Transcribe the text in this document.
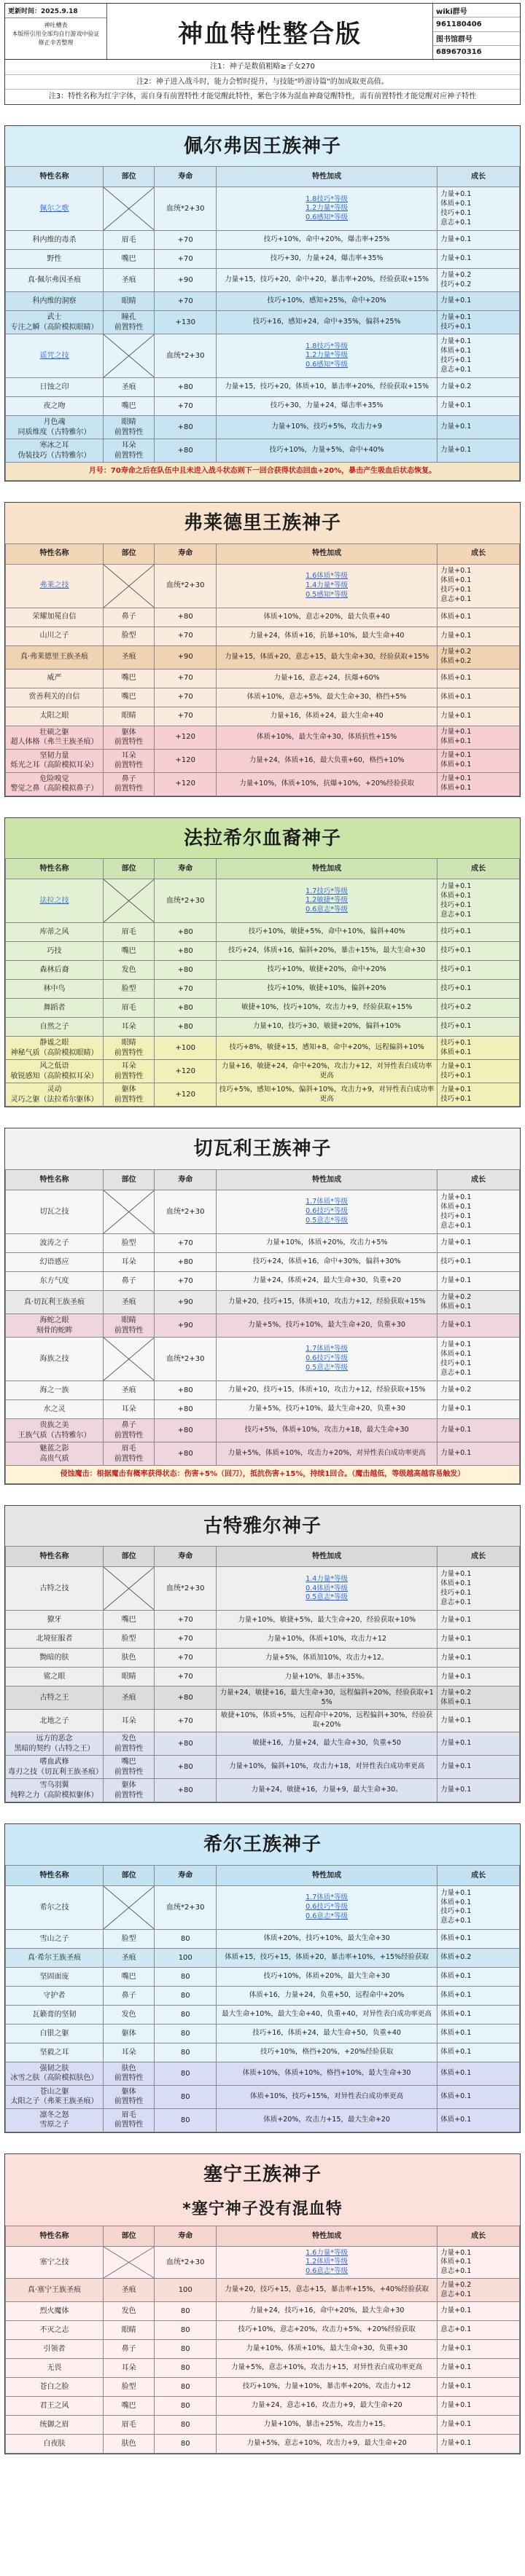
更新时间：2025.9.18
神吐槽表
本版所引用全部均自行游戏中验证
修正辛苦整理	神血特性整合版
wiki群号
961180406
图书馆群号
689670316
注1：神子是数值粗略≥子女270
注2：神子进入战斗时，能力会暂时提升，与技能"吟游诗篇"的加成取更高值。
注3：特性名称为红字字体，需自身有前置特性才能觉醒此特性，紫色字体为混血神裔觉醒特性，需有前置特性才能觉醒对应神子特性
佩尔弗因王族神子
特性名称	部位	寿命	特性加成	成长
佩尔之歌		血统*2+30	1.8技巧*等级
1.2力量*等级
0.6感知*等级	力量+0.1
体质+0.1
技巧+0.1
意志+0.1
科内维的毒杀	眉毛	+70	技巧+10%，命中+20%，爆击率+25%	力量+0.1
野性	嘴巴	+70	技巧+30，力量+24，爆击率+35%	力量+0.1
真·佩尔弗因圣痕	圣痕	+90	力量+15，技巧+20，命中+20，暴击率+20%，经验获取+15%	力量+0.2
技巧+0.2
科内维的洞察	眼睛	+70	技巧+10%，感知+25%，命中+20%	力量+0.1
武士
专注之瞬（高阶模拟眼睛）	瞳孔
前置特性	+130	技巧+16，感知+24，命中+35%，偏斜+25%	力量+0.1
技巧+0.1
谣咒之技		血统*2+30	1.8技巧*等级
1.2力量*等级
0.6感知*等级	力量+0.1
体质+0.1
技巧+0.1
意志+0.1
日蚀之印	圣痕	+80	力量+15，技巧+20，体质+10，暴击率+20%，经验获取+15%	力量+0.2
夜之吻	嘴巴	+70	技巧+30，力量+24，爆击率+35%	力量+0.1
月色魂
同质维度（古特雅尔）	眼睛
前置特性	+80	力量+10%，技巧+5%，攻击力+9	力量+0.1
寒冰之耳
伪装技巧（古特雅尔）	耳朵
前置特性	+80	技巧+10%，力量+5%，命中+40%	力量+0.1
月号：70寿命之后在队伍中且未进入战斗状态则下一回合获得状态回血+20%，暴击产生吸血后状态恢复。				
弗莱德里王族神子
特性名称	部位	寿命	特性加成	成长
弗莱之技		血统*2+30	1.6体质*等级
1.4力量*等级
0.5感知*等级	力量+0.1
体质+0.1
技巧+0.1
意志+0.1
荣耀加冕自信	鼻子	+80	体质+10%，意志+20%，最大负重+40	体质+0.1
山川之子	脸型	+70	力量+24，体质+16，抗暴+10%，最大生命+40	力量+0.1
真·弗莱德里王族圣痕	圣痕	+90	力量+15，体质+20，意志+15，最大生命+30，经验获取+15%	力量+0.2
体质+0.2
威严	嘴巴	+70	力量+16，意志+24，抗爆+60%	体质+0.1
赏善利关的自信	嘴巴	+70	体质+10%，意志+5%，最大生命+30，格挡+5%	体质+0.1
太阳之眼	眼睛	+70	力量+16，体质+24，最大生命+40	力量+0.1
壮硕之躯
超人体格（弗兰王族圣痕）	躯体
前置特性	+120	体质+10%，最大生命+30，体质抗性+15%	力量+0.1
体质+0.1
坚韧力量
烁光之耳（高阶模拟耳朵）	耳朵
前置特性	+120	力量+24，体质+16，最大负重+60，格挡+10%	力量+0.1
体质+0.1
危险嗅觉
警觉之鼻（高阶模拟鼻子）	鼻子
前置特性	+120	力量+10%，体质+10%，抗爆+10%，+20%经验获取	力量+0.1
体质+0.1
法拉希尔血裔神子
特性名称	部位	寿命	特性加成	成长
法拉之技		血统*2+30	1.7技巧*等级
1.2敏捷*等级
0.6意志*等级	力量+0.1
体质+0.1
技巧+0.1
意志+0.1
库蒂之风	眉毛	+80	技巧+10%，敏捷+5%，命中+10%，偏斜+40%	技巧+0.1
巧技	嘴巴	+80	技巧+24，体质+16，偏斜+20%，暴击+15%，最大生命+30	技巧+0.1
森林后裔	发色	+80	技巧+10%，敏捷+20%，命中+20%	技巧+0.1
林中鸟	脸型	+70	技巧+10%，敏捷+10%，偏斜+20%	技巧+0.1
舞蹈者	眉毛	+80	敏捷+10%，技巧+10%，攻击力+9，经验获取+15%	技巧+0.2
自然之子	耳朵	+80	力量+10，技巧+30，敏捷+20%，偏斜+10%	技巧+0.1
静谧之眼
神秘气质（高阶模拟眼睛）	眼睛
前置特性	+100	技巧+8%，敏捷+15，感知+8，命中+20%，远程偏斜+10%	技巧+0.1
体质+0.1
风之低语
敏锐感知（高阶模拟耳朵）	耳朵
前置特性	+120	力量+16，敏捷+24，命中+20%，攻击力+12，对异性表白成功率更高	力量+0.1
技巧+0.1
灵动
灵巧之躯（法拉希尔躯体）	躯体
前置特性	+120	技巧+5%，感知+10%，偏斜+10%，攻击力+9，对异性表白成功率更高	力量+0.1
技巧+0.1
切瓦利王族神子
特性名称	部位	寿命	特性加成	成长
切瓦之技		血统*2+30	1.7体质*等级
0.6技巧*等级
0.5意志*等级	力量+0.1
体质+0.1
技巧+0.1
意志+0.1
波涛之子	脸型	+70	力量+10%，体质+20%，攻击力+5%	力量+0.1
幻语感应	耳朵	+80	技巧+24，体质+16，命中+30%，偏斜+30%	技巧+0.1
东方气度	鼻子	+70	力量+24，体质+24，最大生命+30，负重+20	力量+0.1
真·切瓦利王族圣痕	圣痕	+90	力量+20，技巧+15，体质+10，攻击力+12，经验获取+15%	力量+0.2
体质+0.1
海蛇之眼
刻骨的蛇眸	眼睛
前置特性	+90	力量+5%，技巧+10%，最大生命+20，负重+30	力量+0.1
海族之技		血统*2+30	1.7体质*等级
0.6技巧*等级
0.5意志*等级	力量+0.1
体质+0.1
技巧+0.1
意志+0.1
海之一族	圣痕	+80	力量+20，技巧+15，体质+10，攻击力+12，经验获取+15%	力量+0.2
水之灵	耳朵	+80	力量+5%，技巧+10%，最大生命+20，负重+30	力量+0.1
贵族之美
王族气质（古特雅尔）	鼻子
前置特性	+80	技巧+5%，体质+10%，攻击力+18，最大生命+30	力量+0.1
魅蓝之影
高贵气质	眉毛
前置特性	+80	力量+5%，体质+10%，攻击力+20%，对异性表白成功率更高	力量+0.1
侵蚀魔击：根据魔击有概率获得状态：伤害+5%（回刀），抵抗伤害+15%，持续1回合。（魔击越低，等级越高越容易触发）				
古特雅尔神子
特性名称	部位	寿命	特性加成	成长
古特之技		血统*2+30	1.4力量*等级
0.4体质*等级
0.5意志*等级	力量+0.1
体质+0.1
技巧+0.1
意志+0.1
獠牙	嘴巴	+70	力量+10%，敏捷+5%，最大生命+20，经验获取+10%	力量+0.1
北境征服者	脸型	+70	力量+10%，体质+10%，攻击力+12	力量+0.1
黝暗的肤	肤色	+70	力量+5%，体质加10%，攻击力+12。	力量+0.1
鲨之眼	眼睛	+70	力量+10%，暴击+35%。	力量+0.1
古特之王	圣痕	+80	力量+24，敏捷+16，最大生命+30，远程偏斜+20%，经验获取+15%	力量+0.2
体质+0.1
北地之子	耳朵	+70	敏捷+10%，体质+5%，远程命中+20%，远程偏斜+30%，经验获取+20%	力量+0.1
远方的恶念
黑暗的契约（古特之王）	发色
前置特性	+80	敏捷+16，力量+24，最大生命+30，负重+50	力量+0.1
嗜血武修
毒刃之技（切瓦利王族圣痕）	嘴巴
前置特性	+80	力量+10%，偏斜+10%，攻击力+18，对异性表白成功率更高	力量+0.1
雪乌羽翼
纯粹之力（高阶模拟躯体）	躯体
前置特性	+80	力量+24，敏捷+16，力量+9，最大生命+30。	力量+0.1
希尔王族神子
特性名称	部位	寿命	特性加成	成长
希尔之技		血统*2+30	1.7体质*等级
0.6技巧*等级
0.6意志*等级	力量+0.1
体质+0.1
技巧+0.1
意志+0.1
雪山之子	脸型	80	体质+20%，技巧+10%，最大生命+30	体质+0.1
真·希尔王族圣痕	圣痕	100	体质+15，技巧+15，体质+20，暴击率+10%，+15%经验获取	体质+0.2
坚固面庞	嘴巴	80	技巧+10%，体质+20%，最大生命+30	体质+0.1
守护者	鼻子	80	体质+16，力量+24，负重+50，远程命中+20%	体质+0.1
瓦籁膏的坚韧	发色	80	最大生命+10%，最大生命+40，负重+40，对异性表白成功率更高	体质+0.1
白银之躯	躯体	80	技巧+16，体质+24，最大生命+50，负重+40	体质+0.1
坚毅之耳	耳朵	80	技巧+10%，格挡+20%，+20%经验获取	体质+0.1
强韧之肤
冰雪之肤（高阶模拟肤色）	肤色
前置特性	80	体质+10%，体质+10%，格挡+10%，最大生命+30	体质+0.1
苍山之躯
太阳之子（弗莱王族圣痕）	躯体
前置特性	80	体质+10%，技巧+15%，对异性表白成功率更高	体质+0.1
凛冬之怒
雪原之子	眉毛
前置特性	80	体质+20%，攻击力+15，最大生命+20	体质+0.1
塞宁王族神子
*塞宁神子没有混血特
特性名称	部位	寿命	特性加成	成长
塞宁之技		血统*2+30	1.6力量*等级
1.2体质*等级
0.6意志*等级	力量+0.1
体质+0.1
意志+0.1
真·塞宁王族圣痕	圣痕	100	力量+20，技巧+15，意志+15，暴击率+15%，+40%经验获取	力量+0.2
意志+0.1
烈火魔体	发色	80	力量+24，技巧+16，命中+20%，最大生命+30	力量+0.1
不灭之志	眼睛	80	技巧+10%，意志+20%，攻击力+5%，+20%经验获取	意志+0.1
引领者	鼻子	80	力量+10%，体质+10%，最大生命+30，负重+30	力量+0.1
无畏	耳朵	80	力量+5%，意志+10%，攻击力+15，对异性表白成功率更高	力量+0.1
苍白之脸	脸型	80	技巧+10%，力量+10%，暴击率+20%，攻击力+12	力量+0.1
君王之风	嘴巴	80	力量+24，意志+16，攻击力+9，最大生命+20	力量+0.1
统御之眉	眉毛	80	力量+10%，暴击+25%，攻击力+15。	力量+0.1
白夜肤	肤色	80	力量+5%，意志+10%，攻击力+9，最大生命+20	力量+0.1
